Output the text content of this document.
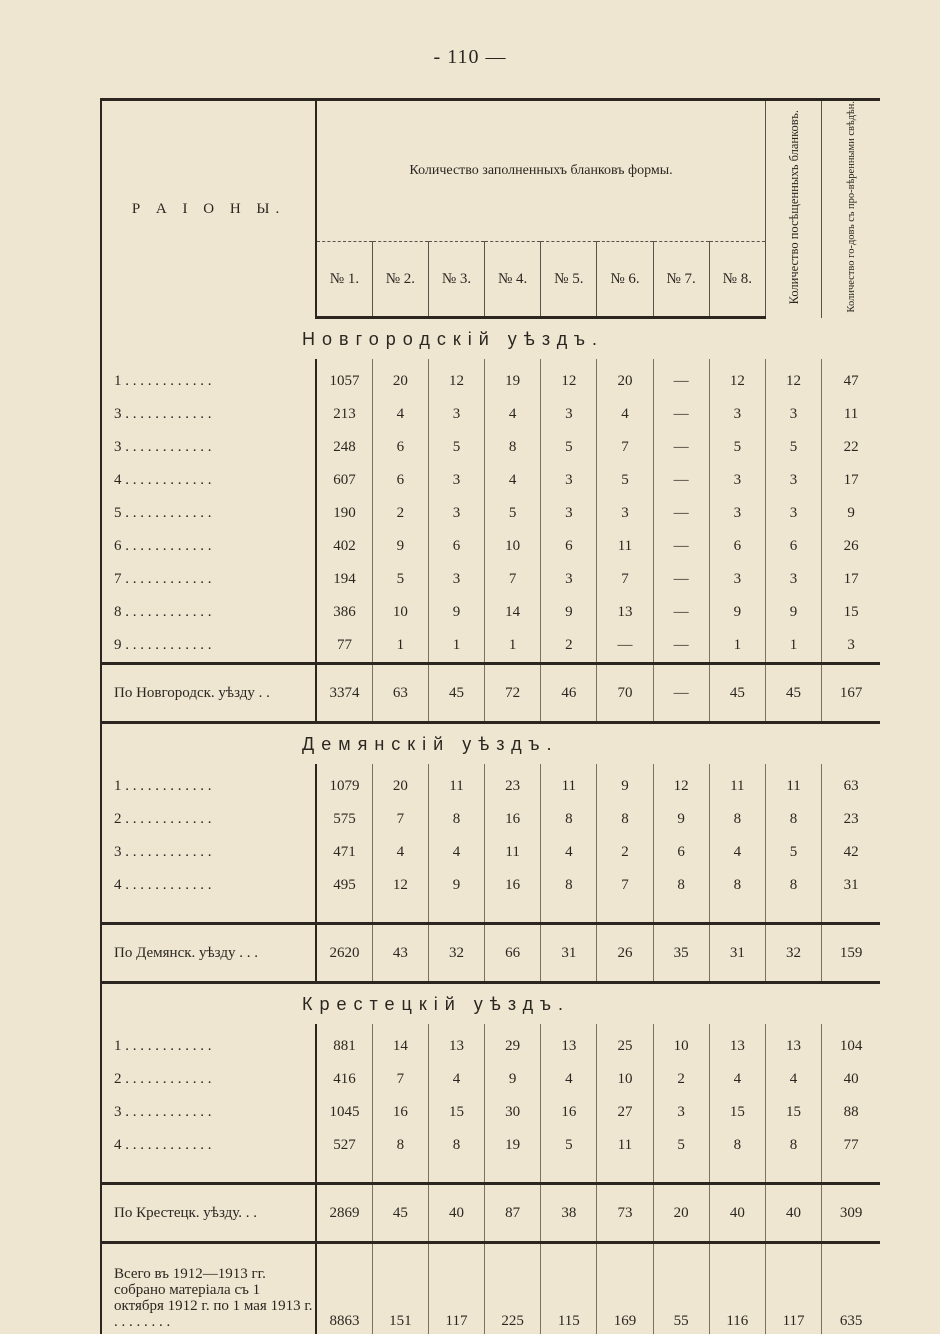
- 110 —
Р А I О Н Ы.	Количество заполненныхъ бланковъ формы.								Количество посѣщенныхъ бланковъ.	Количество го-довъ съ про-вѣренными свѣдѣн.
	№ 1.	№ 2.	№ 3.	№ 4.	№ 5.	№ 6.	№ 7.	№ 8.		
Новгородскій уѣздъ.										
1 . . . . . . . . . . . .	1057	20	12	19	12	20	—	12	12	47
3 . . . . . . . . . . . .	213	4	3	4	3	4	—	3	3	11
3 . . . . . . . . . . . .	248	6	5	8	5	7	—	5	5	22
4 . . . . . . . . . . . .	607	6	3	4	3	5	—	3	3	17
5 . . . . . . . . . . . .	190	2	3	5	3	3	—	3	3	9
6 . . . . . . . . . . . .	402	9	6	10	6	11	—	6	6	26
7 . . . . . . . . . . . .	194	5	3	7	3	7	—	3	3	17
8 . . . . . . . . . . . .	386	10	9	14	9	13	—	9	9	15
9 . . . . . . . . . . . .	77	1	1	1	2	—	—	1	1	3
По Новгородск. уѣзду . .	3374	63	45	72	46	70	—	45	45	167
Демянскій уѣздъ.										
1 . . . . . . . . . . . .	1079	20	11	23	11	9	12	11	11	63
2 . . . . . . . . . . . .	575	7	8	16	8	8	9	8	8	23
3 . . . . . . . . . . . .	471	4	4	11	4	2	6	4	5	42
4 . . . . . . . . . . . .	495	12	9	16	8	7	8	8	8	31

По Демянск. уѣзду . . .	2620	43	32	66	31	26	35	31	32	159
Крестецкій уѣздъ.										
1 . . . . . . . . . . . .	881	14	13	29	13	25	10	13	13	104
2 . . . . . . . . . . . .	416	7	4	9	4	10	2	4	4	40
3 . . . . . . . . . . . .	1045	16	15	30	16	27	3	15	15	88
4 . . . . . . . . . . . .	527	8	8	19	5	11	5	8	8	77

По Крестецк. уѣзду. . .	2869	45	40	87	38	73	20	40	40	309
Всего въ 1912—1913 гг. собрано матеріала съ 1 октября 1912 г. по 1 мая 1913 г. . . . . . . . .	8863	151	117	225	115	169	55	116	117	635
